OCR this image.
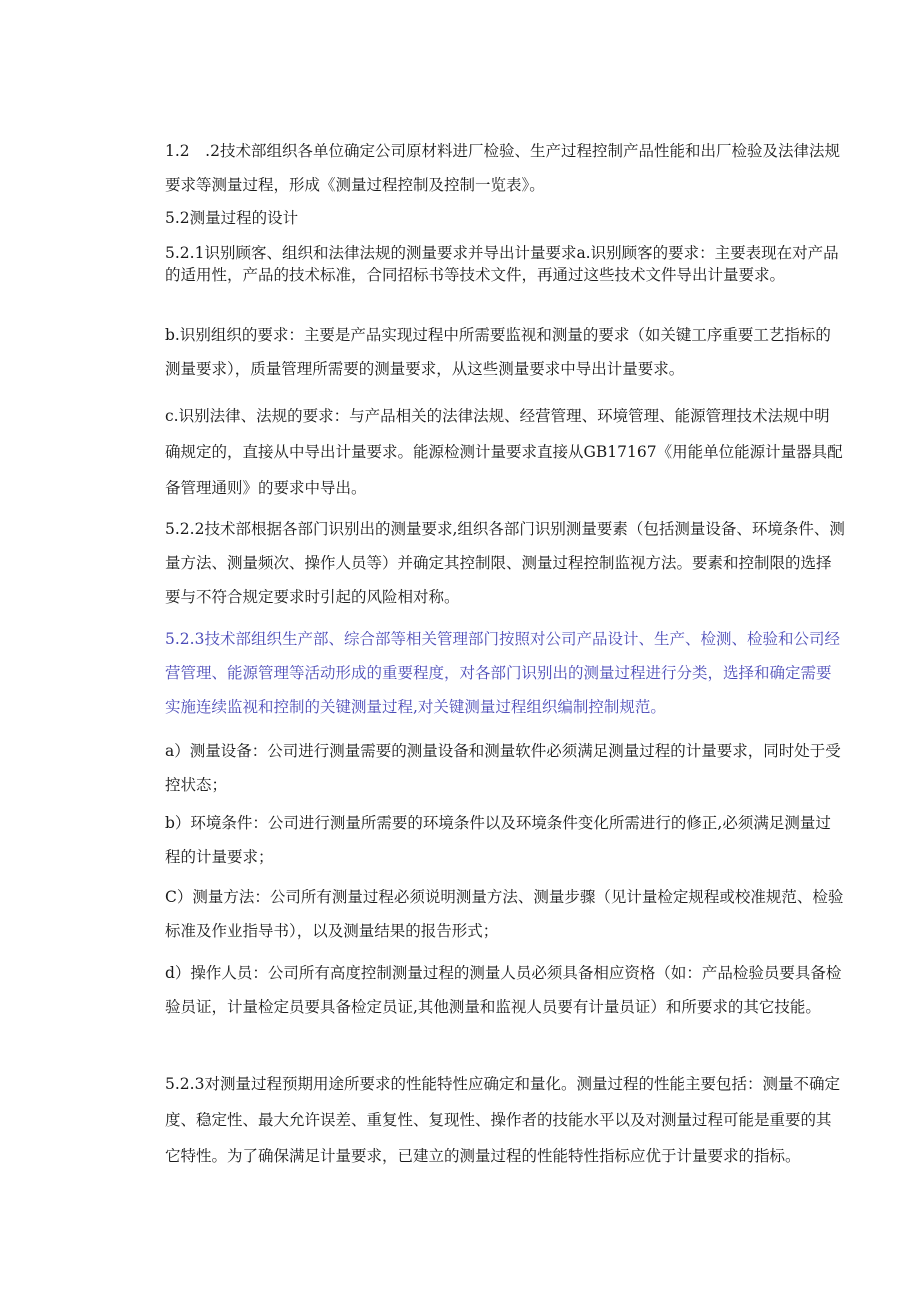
1.2　.2技术部组织各单位确定公司原材料进厂检验、生产过程控制产品性能和出厂检验及法律法规要求等测量过程，形成《测量过程控制及控制一览表》。

5.2测量过程的设计

5.2.1识别顾客、组织和法律法规的测量要求并导出计量要求a.识别顾客的要求：主要表现在对产品的适用性，产品的技术标准，合同招标书等技术文件，再通过这些技术文件导出计量要求。

b.识别组织的要求：主要是产品实现过程中所需要监视和测量的要求（如关键工序重要工艺指标的测量要求），质量管理所需要的测量要求，从这些测量要求中导出计量要求。

c.识别法律、法规的要求：与产品相关的法律法规、经营管理、环境管理、能源管理技术法规中明确规定的，直接从中导出计量要求。能源检测计量要求直接从GB17167《用能单位能源计量器具配备管理通则》的要求中导出。

5.2.2技术部根据各部门识别出的测量要求,组织各部门识别测量要素（包括测量设备、环境条件、测量方法、测量频次、操作人员等）并确定其控制限、测量过程控制监视方法。要素和控制限的选择要与不符合规定要求时引起的风险相对称。

5.2.3技术部组织生产部、综合部等相关管理部门按照对公司产品设计、生产、检测、检验和公司经营管理、能源管理等活动形成的重要程度，对各部门识别出的测量过程进行分类，选择和确定需要实施连续监视和控制的关键测量过程,对关键测量过程组织编制控制规范。

a）测量设备：公司进行测量需要的测量设备和测量软件必须满足测量过程的计量要求，同时处于受控状态；

b）环境条件：公司进行测量所需要的环境条件以及环境条件变化所需进行的修正,必须满足测量过程的计量要求；

C）测量方法：公司所有测量过程必须说明测量方法、测量步骤（见计量检定规程或校准规范、检验标准及作业指导书），以及测量结果的报告形式；

d）操作人员：公司所有高度控制测量过程的测量人员必须具备相应资格（如：产品检验员要具备检验员证，计量检定员要具备检定员证,其他测量和监视人员要有计量员证）和所要求的其它技能。

5.2.3对测量过程预期用途所要求的性能特性应确定和量化。测量过程的性能主要包括：测量不确定度、稳定性、最大允许误差、重复性、复现性、操作者的技能水平以及对测量过程可能是重要的其它特性。为了确保满足计量要求，已建立的测量过程的性能特性指标应优于计量要求的指标。
